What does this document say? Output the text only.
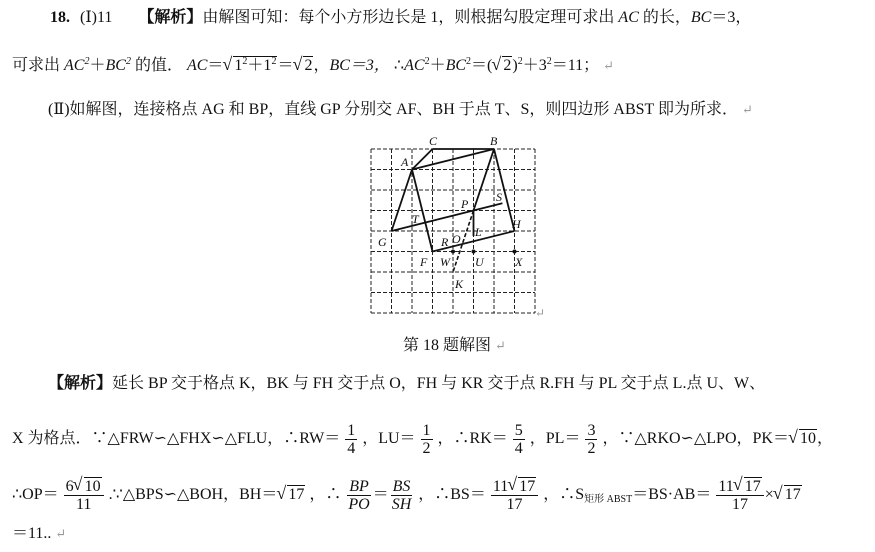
18. (Ⅰ)11 【解析】由解图可知：每个小方形边长是 1，则根据勾股定理可求出 AC 的长，BC＝3，
可求出 $AC^2+BC^2$ 的值． AC＝ √ $1^2+1^2=$ √ 2，BC＝3， $\therefore AC^2+BC^2=$( √ $2)^2+3^2=11$； ↵
(Ⅱ)如解图，连接格点 AG 和 BP，直线 GP 分别交 AF、BH 于点 T、S，则四边形 ABST 即为所求． ↵
C	B
A
G
H
P S
T
R O L
F W U	X
K
↵
第 18 题解图 ↵
【解析】延长 BP 交于格点 K，BK 与 FH 交于点 O，FH 与 KR 交于点 R.FH 与 PL 交于点 L.点 U、W、
X 为格点．∵△FRW∽△FHX∽△FLU，∴RW＝ $\frac{1}{4}$ ，$LU= \frac{1}{2}$ ，∴RK＝ $\frac{5}{4}$ ，$PL= \frac{3}{2}$ ，∵△RKO∽△LPO，PK＝ √ 10，
∴OP＝ $\frac{6 √ 10}{11}$ .∵△BPS∽△BOH，BH＝ √ 17 ，∴ $\frac{BP}{PO} = \frac{BS}{SH}$ ，∴BS＝ $\frac{11 √ 17}{17}$ ，$\therefore S_{矩形 ABST}=BS\cdot AB= \frac{11 √ 17}{17}$ × √ 17
＝11.. ↵
